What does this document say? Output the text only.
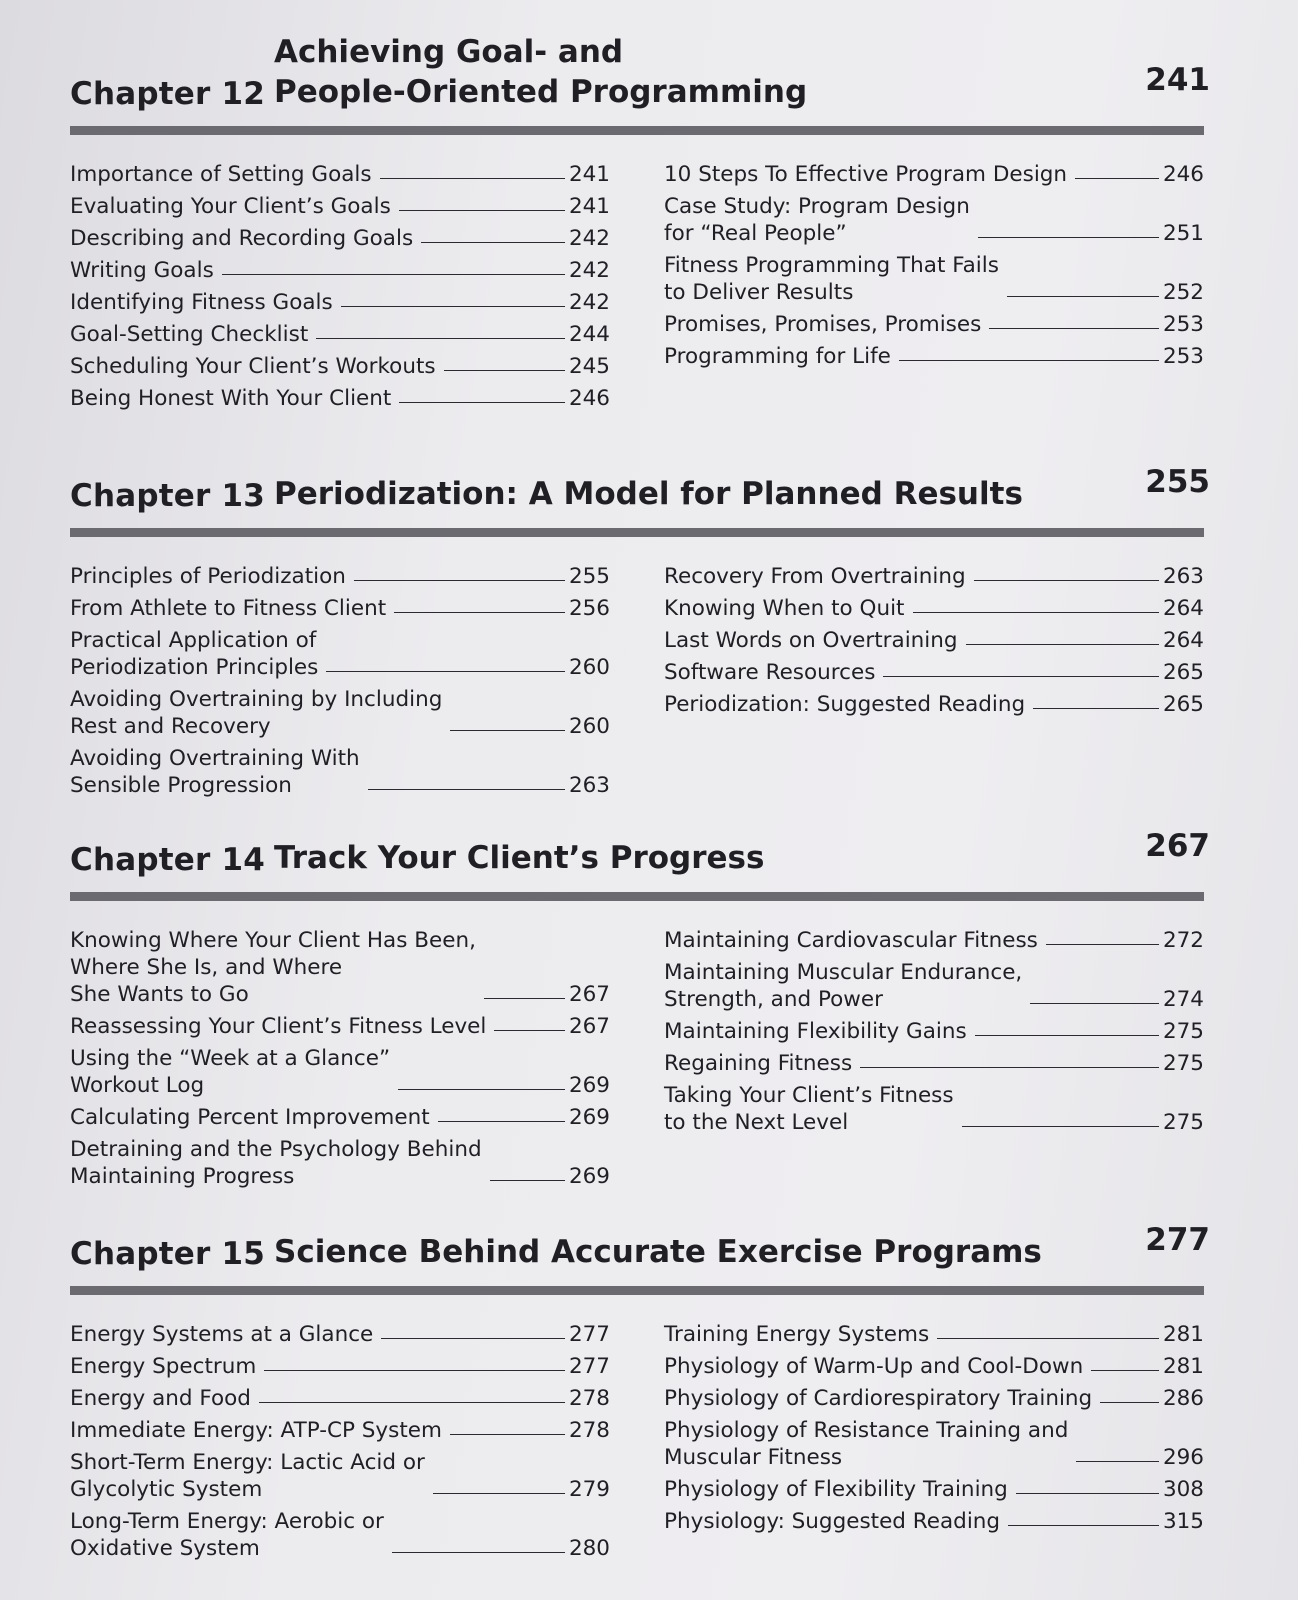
Chapter 12
Achieving Goal- and
People-Oriented Programming	241
Importance of Setting Goals	241
Evaluating Your Client’s Goals	241
Describing and Recording Goals	242
Writing Goals	242
Identifying Fitness Goals	242
Goal-Setting Checklist	244
Scheduling Your Client’s Workouts	245
Being Honest With Your Client	246
10 Steps To Effective Program Design	246
Case Study: Program Design
for “Real People”	251
Fitness Programming That Fails
to Deliver Results	252
Promises, Promises, Promises	253
Programming for Life	253
Chapter 13 Periodization: A Model for Planned Results	255
Principles of Periodization	255
From Athlete to Fitness Client	256
Practical Application of
Periodization Principles	260
Avoiding Overtraining by Including
Rest and Recovery	260
Avoiding Overtraining With
Sensible Progression	263
Recovery From Overtraining	263
Knowing When to Quit	264
Last Words on Overtraining	264
Software Resources	265
Periodization: Suggested Reading	265
Chapter 14 Track Your Client’s Progress	267
Knowing Where Your Client Has Been,
Where She Is, and Where
She Wants to Go	267
Reassessing Your Client’s Fitness Level	267
Using the “Week at a Glance”
Workout Log	269
Calculating Percent Improvement	269
Detraining and the Psychology Behind
Maintaining Progress	269
Maintaining Cardiovascular Fitness	272
Maintaining Muscular Endurance,
Strength, and Power	274
Maintaining Flexibility Gains	275
Regaining Fitness	275
Taking Your Client’s Fitness
to the Next Level	275
Chapter 15 Science Behind Accurate Exercise Programs	277
Energy Systems at a Glance	277
Energy Spectrum	277
Energy and Food	278
Immediate Energy: ATP-CP System	278
Short-Term Energy: Lactic Acid or
Glycolytic System	279
Long-Term Energy: Aerobic or
Oxidative System	280
Training Energy Systems	281
Physiology of Warm-Up and Cool-Down	281
Physiology of Cardiorespiratory Training	286
Physiology of Resistance Training and
Muscular Fitness	296
Physiology of Flexibility Training	308
Physiology: Suggested Reading	315
